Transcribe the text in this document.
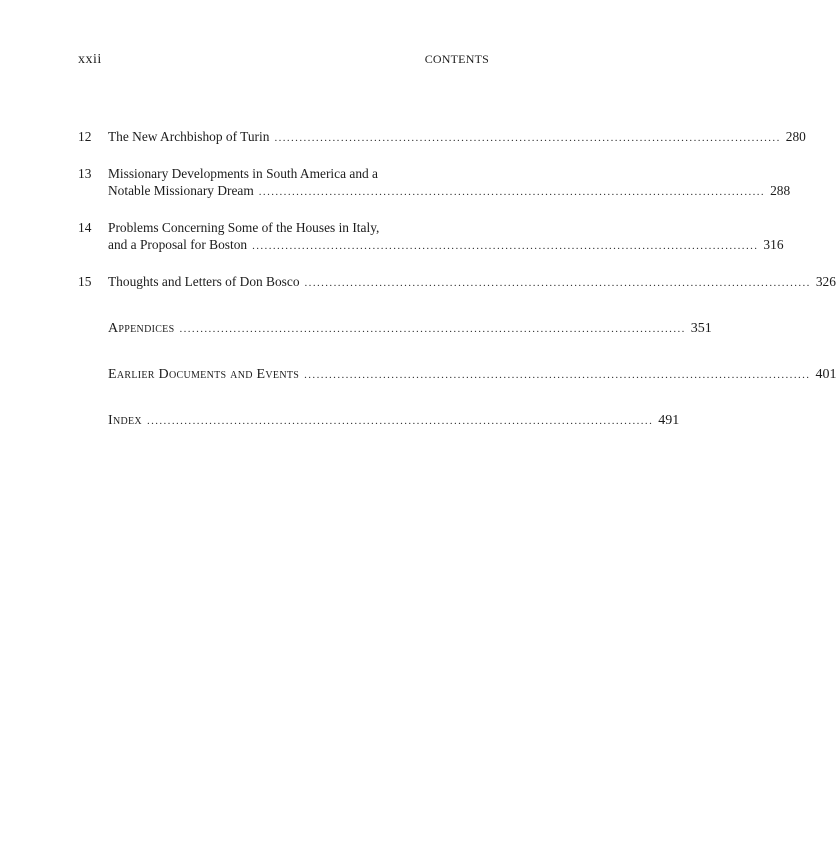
xxii	CONTENTS
12 The New Archbishop of Turin .......................................................................................................................... 280
13 Missionary Developments in South America and a
Notable Missionary Dream .......................................................................................................................... 288
14 Problems Concerning Some of the Houses in Italy,
and a Proposal for Boston .......................................................................................................................... 316
15 Thoughts and Letters of Don Bosco .......................................................................................................................... 326
Appendices .......................................................................................................................... 351
Earlier Documents and Events .......................................................................................................................... 401
Index .......................................................................................................................... 491
